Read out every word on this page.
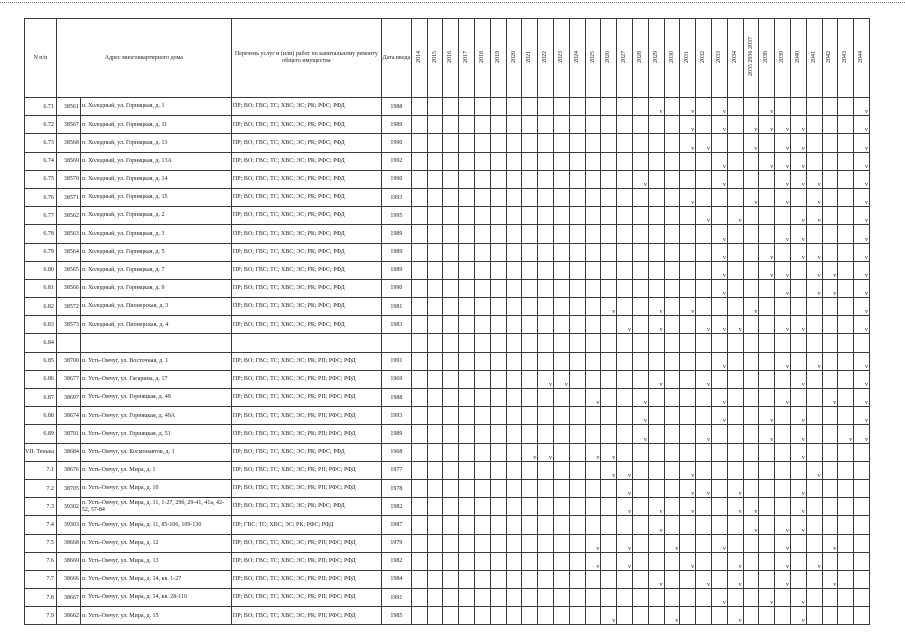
N п/п	Адрес многоквартирного дома		Перечень услуг и (или) работ по капитальному ремонту общего имущества	Дата ввода	2014	2015	2016	2017	2018	2019	2020	2021	2022	2023	2024	2025	2026	2027	2028	2029	2030	2031	2032	2033	2034	2035 2036 2037	2038	2039	2040	2041	2042	2043	2044
6.71	38561	п. Холодный, ул. Горняцкая, д. 1	ПР; ВО; ГВС; ТС; ХВС; ЭС; РК; РФС; РФД	1988																v		v		v			v						v
6.72	38567	п. Холодный, ул. Горняцкая, д. 11	ПР; ВО; ГВС; ТС; ХВС; ЭС; РК; РФС; РФД	1989																		v		v		v	v	v	v				v
6.73	38568	п. Холодный, ул. Горняцкая, д. 13	ПР; ВО; ГВС; ТС; ХВС; ЭС; РК; РФС; РФД	1990																		v	v			v		v	v				v
6.74	38569	п. Холодный, ул. Горняцкая, д. 13А	ПР; ВО; ГВС; ТС; ХВС; ЭС; РК; РФС; РФД	1992																				v			v	v	v				v
6.75	38570	п. Холодный, ул. Горняцкая, д. 14	ПР; ВО; ГВС; ТС; ХВС; ЭС; РК; РФС; РФД	1990															v					v				v	v	v			v
6.76	38571	п. Холодный, ул. Горняцкая, д. 15	ПР; ВО; ГВС; ТС; ХВС; ЭС; РК; РФС; РФД	1993																		v				v		v		v			v
6.77	38562	п. Холодный, ул. Горняцкая, д. 2	ПР; ВО; ГВС; ТС; ХВС; ЭС; РК; РФС; РФД	1995																			v		v				v	v			v
6.78	38563	п. Холодный, ул. Горняцкая, д. 3	ПР; ВО; ГВС; ТС; ХВС; ЭС; РК; РФС; РФД	1989																				v				v	v				v
6.79	38564	п. Холодный, ул. Горняцкая, д. 5	ПР; ВО; ГВС; ТС; ХВС; ЭС; РК; РФС; РФД	1989																				v			v		v	v			v
6.80	38565	п. Холодный, ул. Горняцкая, д. 7	ПР; ВО; ГВС; ТС; ХВС; ЭС; РК; РФС; РФД	1989																				v			v	v		v	v		v
6.81	38566	п. Холодный, ул. Горняцкая, д. 9	ПР; ВО; ГВС; ТС; ХВС; ЭС; РК; РФС; РФД	1990																				v				v		v	v		v
6.82	38572	п. Холодный, ул. Пионерская, д. 3	ПР; ВО; ГВС; ТС; ХВС; ЭС; РК; РФС; РФД	1981													v			v		v				v							v
6.83	38573	п. Холодный, ул. Пионерская, д. 4	ПР; ВО; ГВС; ТС; ХВС; ЭС; РК; РФС; РФД	1983														v		v			v	v	v			v	v				v
6.84																																	
6.85	38700	п. Усть-Омчуг, ул. Восточная, д. 1	ПР; ВО; ГВС; ТС; ХВС; ЭС; РК; РП; РФС; РФД	1991																				v				v		v			v
6.86	38677	п. Усть-Омчуг, ул. Гагарина, д. 17	ПР; ВО; ГВС; ТС; ХВС; ЭС; РК; РП; РФС; РФД	1969									v	v						v			v						v				v
6.87	38697	п. Усть-Омчуг, ул. Горняцкая, д. 49	ПР; ВО; ГВС; ТС; ХВС; ЭС; РК; РП; РФС; РФД	1988												v			v					v				v			v		v
6.88	38674	п. Усть-Омчуг, ул. Горняцкая, д. 49А	ПР; ВО; ГВС; ТС; ХВС; ЭС; РК; РП; РФС; РФД	1993															v					v			v		v				v
6.89	38701	п. Усть-Омчуг, ул. Горняцкая, д. 51	ПР; ВО; ГВС; ТС; ХВС; ЭС; РК; РП; РФС; РФД	1989															v				v				v		v			v	v
VII. Тенька	38684	п. Усть-Омчуг, ул. Космонавтов, д. 1	ПР; ВО; ГВС; ТС; ХВС; ЭС; РК; РФС; РФД	1968								v	v			v	v												v				
7.1	38676	п. Усть-Омчуг, ул. Мира, д. 1	ПР; ВО; ГВС; ТС; ХВС; ЭС; РК; РП; РФС; РФД	1977													v	v				v								v			
7.2	38705	п. Усть-Омчуг, ул. Мира, д. 10	ПР; ВО; ГВС; ТС; ХВС; ЭС; РК; РП; РФС; РФД	1978														v				v	v		v				v				
7.3	39302	п. Усть-Омчуг, ул. Мира, д. 11, 1-27, 29б, 29-41, 41а, 42-52, 57-84	ПР; ВО; ГВС; ТС; ХВС; ЭС; РК; РФС; РФД	1982														v		v		v			v	v			v				
7.4	39303	п. Усть-Омчуг, ул. Мира, д. 11, 85-106, 109-130	ПР; ГВС; ТС; ХВС; ЭС; РК; РФС; РФД	1987																v						v		v	v				
7.5	38668	п. Усть-Омчуг, ул. Мира, д. 12	ПР; ВО; ГВС; ТС; ХВС; ЭС; РК; РП; РФС; РФД	1979												v		v			v			v				v			v		
7.6	38669	п. Усть-Омчуг, ул. Мира, д. 13	ПР; ВО; ГВС; ТС; ХВС; ЭС; РК; РП; РФС; РФД	1982												v		v				v			v			v		v			
7.7	38666	п. Усть-Омчуг, ул. Мира, д. 14, кв. 1-27	ПР; ВО; ГВС; ТС; ХВС; ЭС; РК; РП; РФС; РФД	1984																v			v		v			v			v		
7.8	38667	п. Усть-Омчуг, ул. Мира, д. 14, кв. 28-116	ПР; ВО; ГВС; ТС; ХВС; ЭС; РК; РП; РФС; РФД	1991																				v			v		v				
7.9	38662	п. Усть-Омчуг, ул. Мира, д. 15	ПР; ВО; ГВС; ТС; ХВС; ЭС; РК; РП; РФС; РФД	1985													v				v				v				v				
